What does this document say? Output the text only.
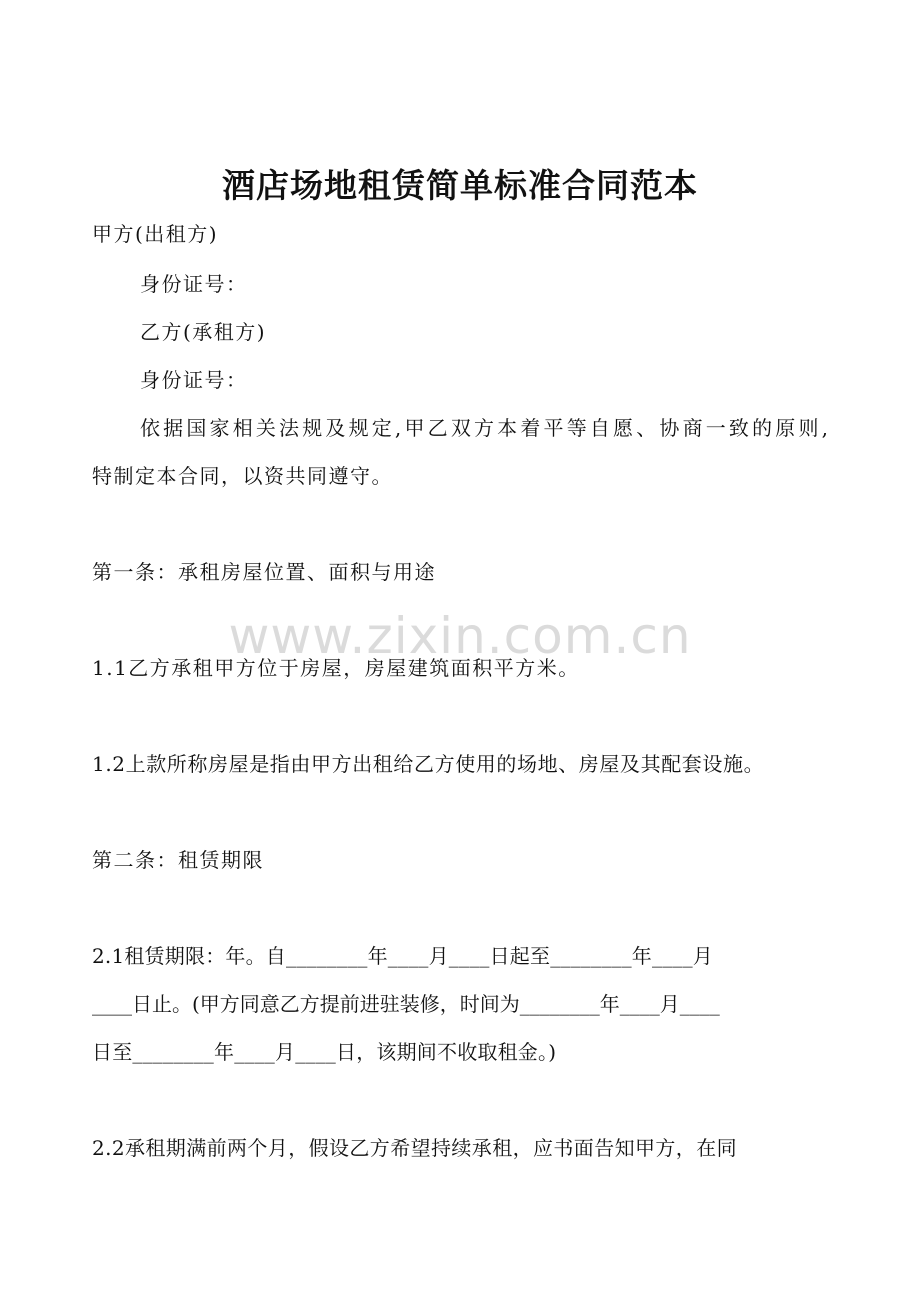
酒店场地租赁简单标准合同范本
甲方(出租方)
身份证号：
乙方(承租方)
身份证号：
依据国家相关法规及规定,甲乙双方本着平等自愿、协商一致的原则,
特制定本合同，以资共同遵守。
第一条：承租房屋位置、面积与用途
www.zixin.com.cn
1.1乙方承租甲方位于房屋，房屋建筑面积平方米。
1.2上款所称房屋是指由甲方出租给乙方使用的场地、房屋及其配套设施。
第二条：租赁期限
2.1租赁期限：年。自________年____月____日起至________年____月
____日止。(甲方同意乙方提前进驻装修，时间为________年____月____
日至________年____月____日，该期间不收取租金。)
2.2承租期满前两个月，假设乙方希望持续承租，应书面告知甲方，在同
